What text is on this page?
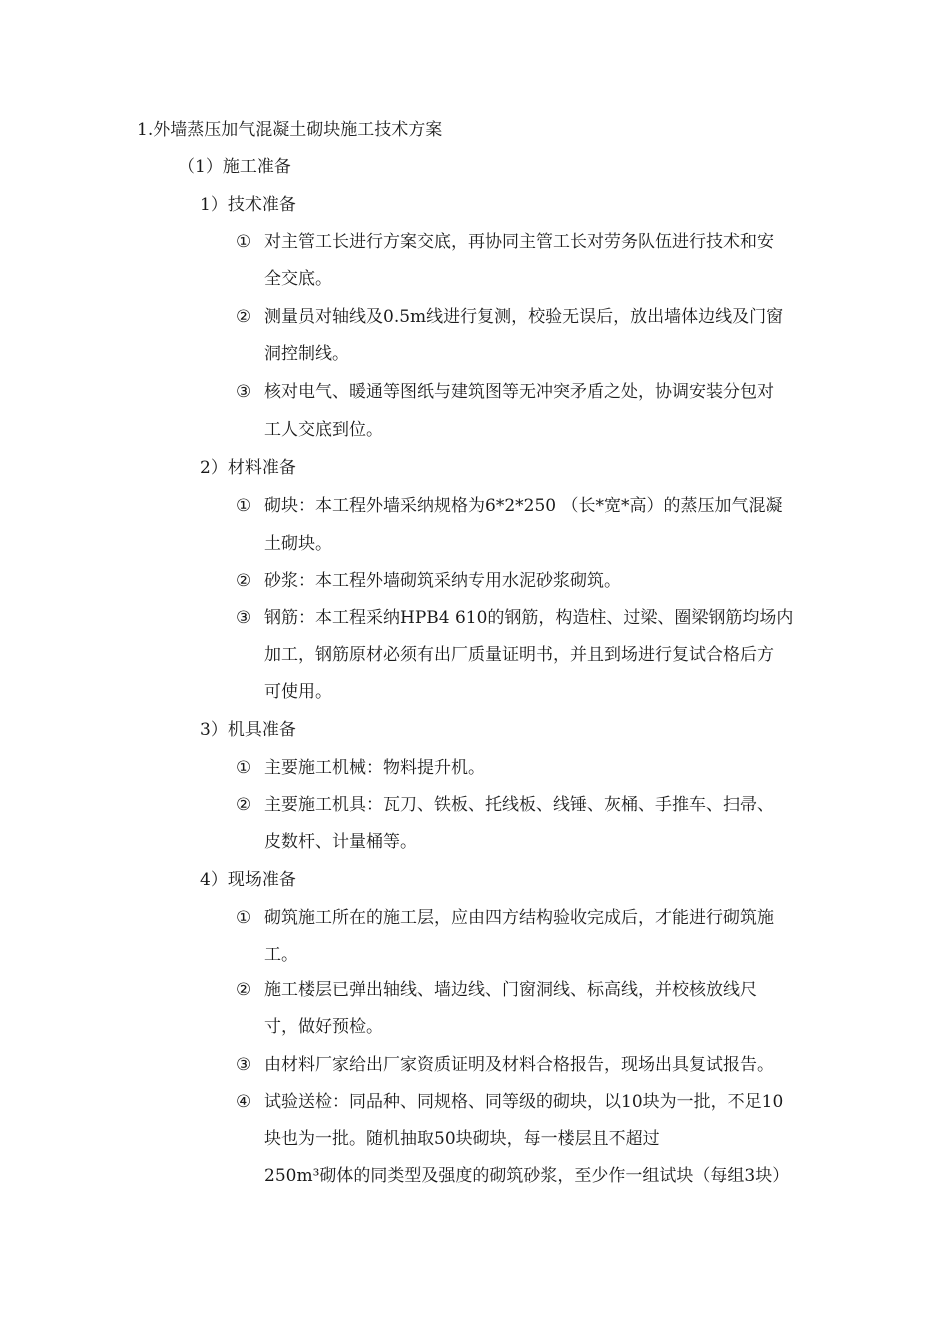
1.外墙蒸压加气混凝土砌块施工技术方案
（1）施工准备
1）技术准备
① 对主管工长进行方案交底，再协同主管工长对劳务队伍进行技术和安
全交底。
② 测量员对轴线及0.5m线进行复测，校验无误后，放出墙体边线及门窗
洞控制线。
③ 核对电气、暖通等图纸与建筑图等无冲突矛盾之处，协调安装分包对
工人交底到位。
2）材料准备
① 砌块：本工程外墙采纳规格为6*2*250 （长*宽*高）的蒸压加气混凝
土砌块。
② 砂浆：本工程外墙砌筑采纳专用水泥砂浆砌筑。
③ 钢筋：本工程采纳HPB4 610的钢筋，构造柱、过梁、圈梁钢筋均场内
加工，钢筋原材必须有出厂质量证明书，并且到场进行复试合格后方
可使用。
3）机具准备
① 主要施工机械：物料提升机。
② 主要施工机具：瓦刀、铁板、托线板、线锤、灰桶、手推车、扫帚、
皮数杆、计量桶等。
4）现场准备
① 砌筑施工所在的施工层，应由四方结构验收完成后，才能进行砌筑施
工。
② 施工楼层已弹出轴线、墙边线、门窗洞线、标高线，并校核放线尺
寸，做好预检。
③ 由材料厂家给出厂家资质证明及材料合格报告，现场出具复试报告。
④ 试验送检：同品种、同规格、同等级的砌块，以10块为一批，不足10
块也为一批。随机抽取50块砌块，每一楼层且不超过
250m³砌体的同类型及强度的砌筑砂浆，至少作一组试块（每组3块）
